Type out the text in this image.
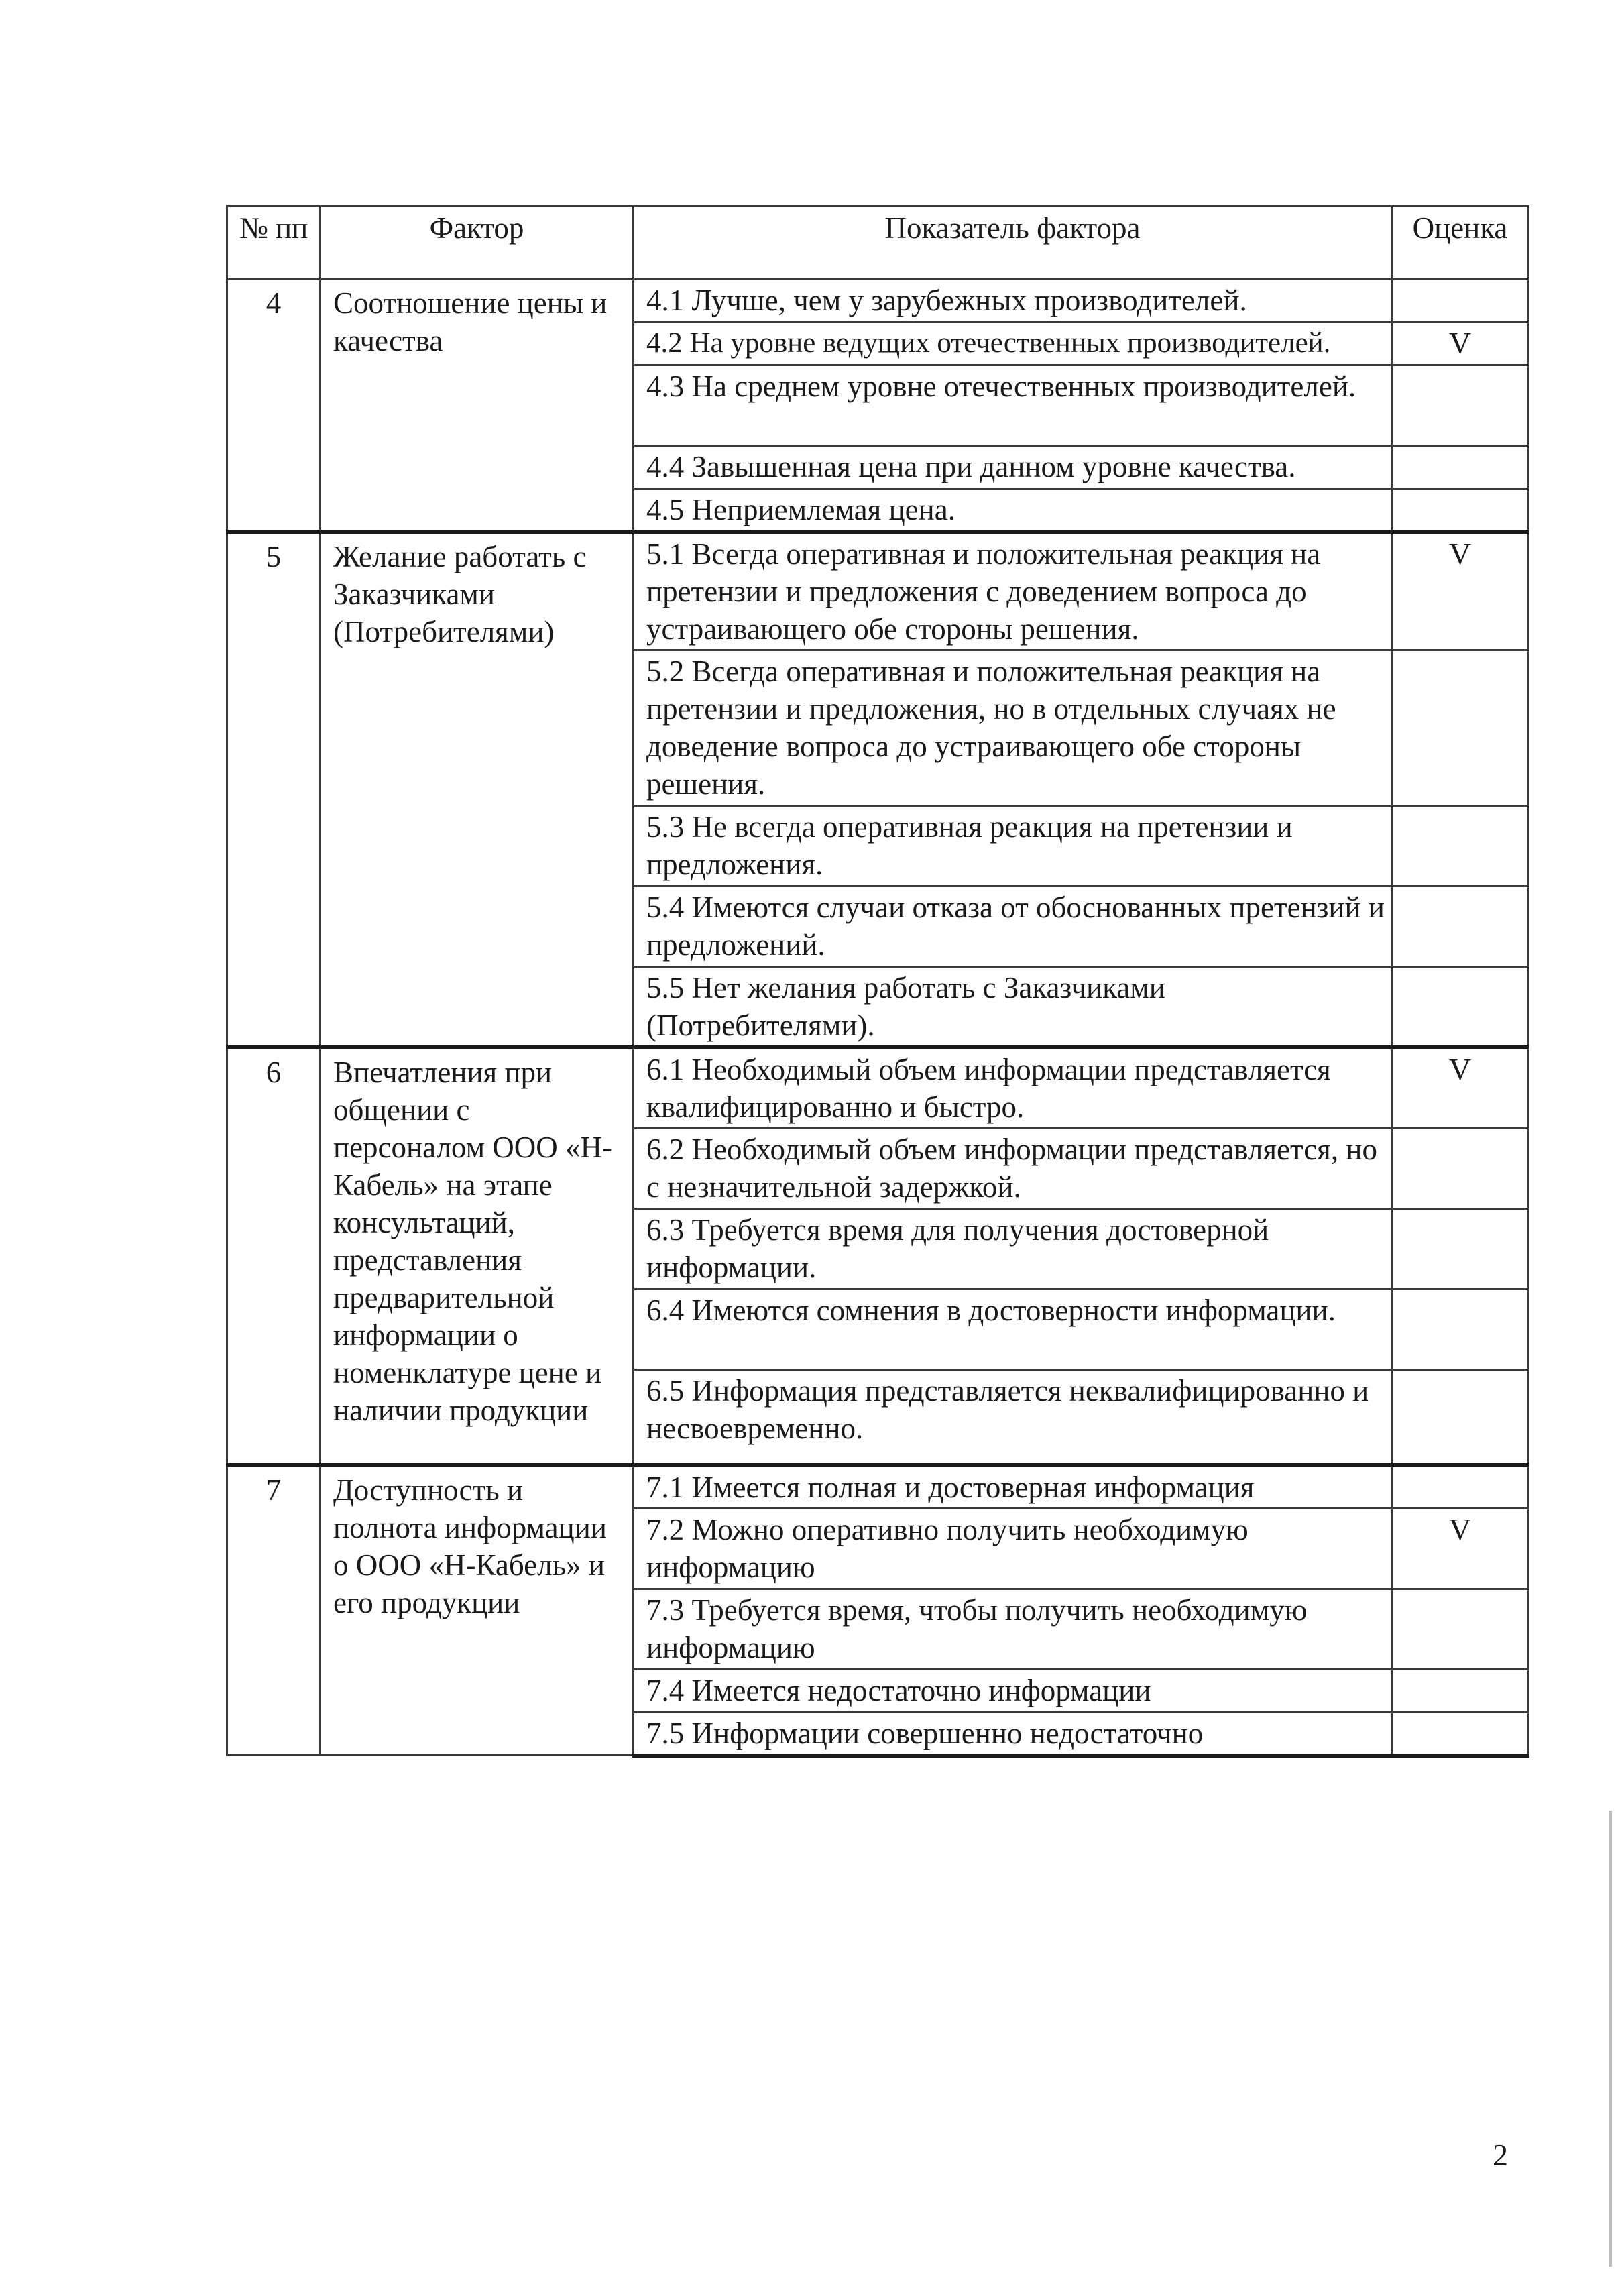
№ пп	Фактор	Показатель фактора	Оценка
4	Соотношение цены и качества	4.1 Лучше, чем у зарубежных производителей.	
		4.2 На уровне ведущих отечественных производителей.	V
		4.3 На среднем уровне отечественных производителей.	
		4.4 Завышенная цена при данном уровне качества.	
		4.5 Неприемлемая цена.	
5	Желание работать с Заказчиками (Потребителями)	5.1 Всегда оперативная и положительная реакция на претензии и предложения с доведением вопроса до устраивающего обе стороны решения.	V
		5.2 Всегда оперативная и положительная реакция на претензии и предложения, но в отдельных случаях не доведение вопроса до устраивающего обе стороны решения.	
		5.3 Не всегда оперативная реакция на претензии и предложения.	
		5.4 Имеются случаи отказа от обоснованных претензий и предложений.	
		5.5 Нет желания работать с Заказчиками (Потребителями).	
6	Впечатления при общении с персоналом ООО «Н-Кабель» на этапе консультаций, представления предварительной информации о номенклатуре цене и наличии продукции	6.1 Необходимый объем информации представляется квалифицированно и быстро.	V
		6.2 Необходимый объем информации представляется, но с незначительной задержкой.	
		6.3 Требуется время для получения достоверной информации.	
		6.4 Имеются сомнения в достоверности информации.	
		6.5 Информация представляется неквалифицированно и несвоевременно.	
7	Доступность и полнота информации о ООО «Н-Кабель» и его продукции	7.1 Имеется полная и достоверная информация	
		7.2 Можно оперативно получить необходимую информацию	V
		7.3 Требуется время, чтобы получить необходимую информацию	
		7.4 Имеется недостаточно информации	
		7.5 Информации совершенно недостаточно	
2
